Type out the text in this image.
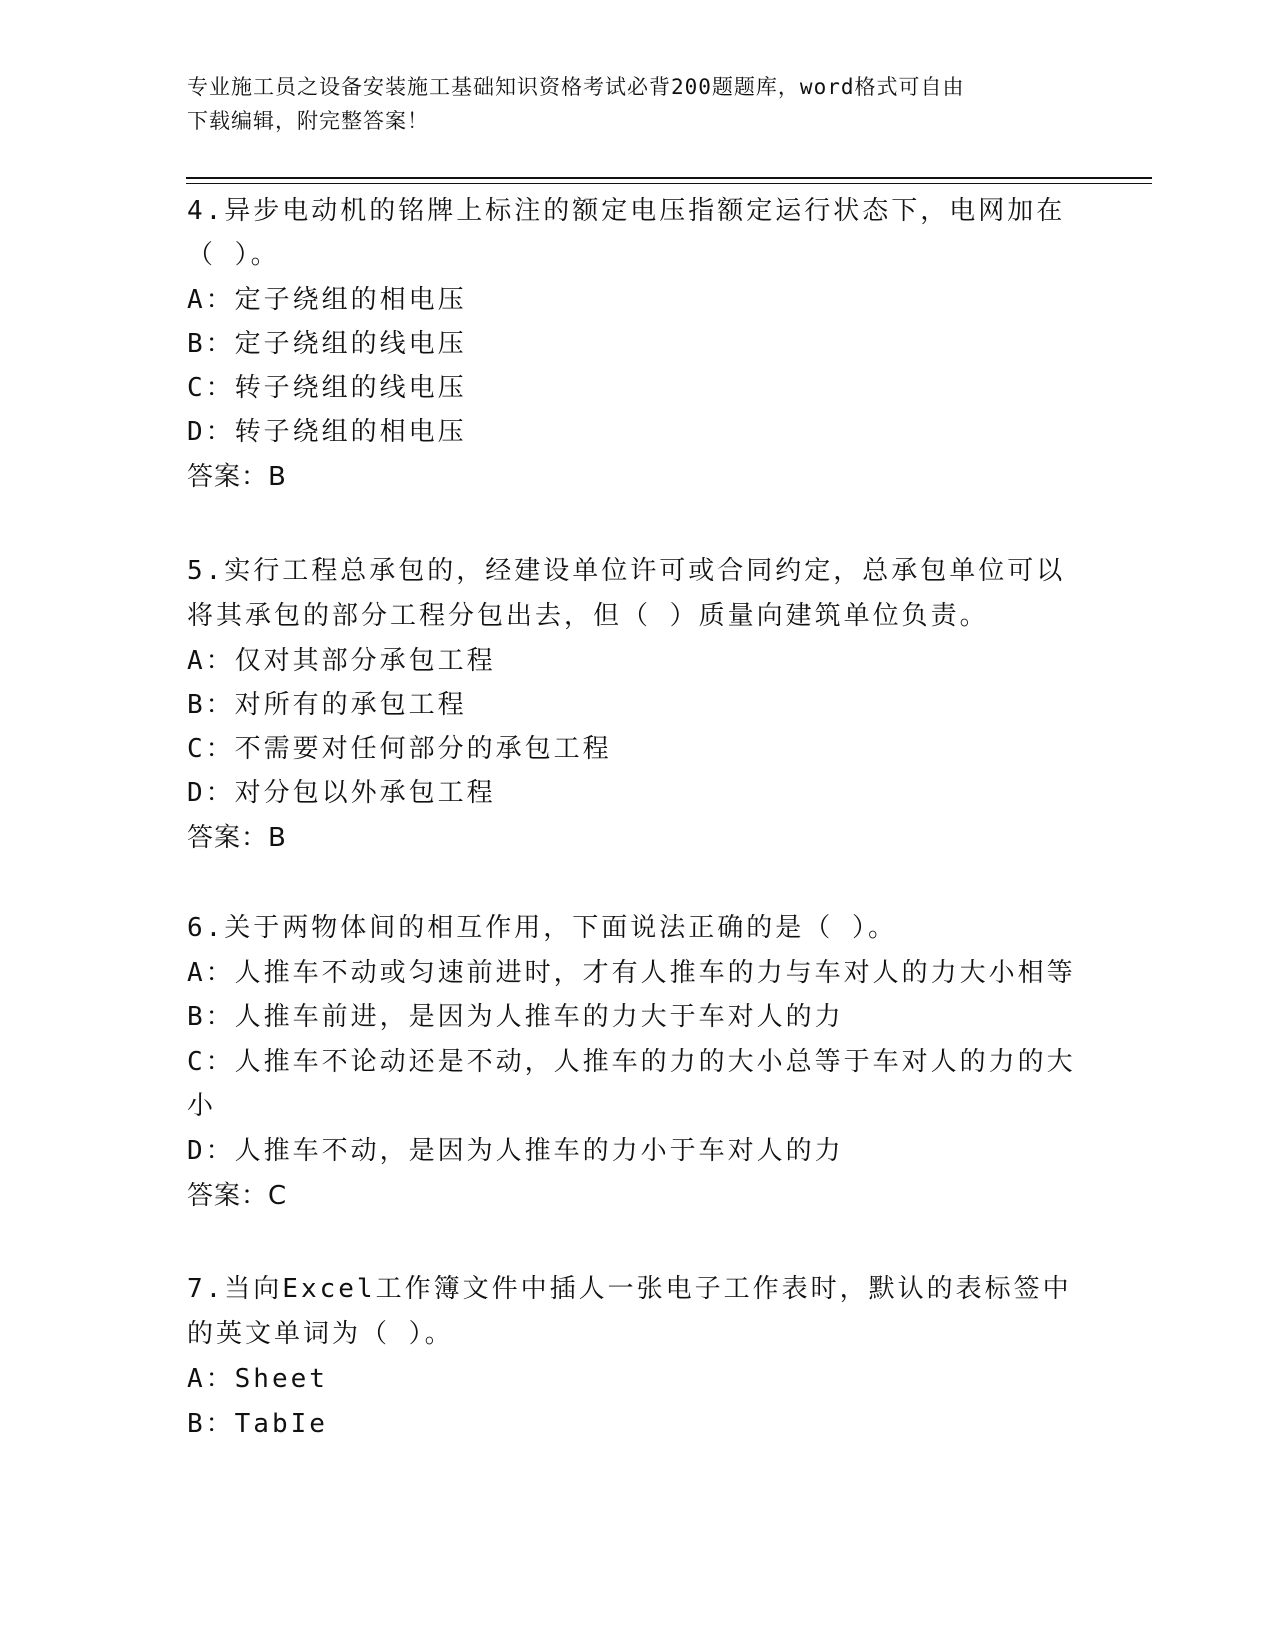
专业施工员之设备安装施工基础知识资格考试必背200题题库，word格式可自由
下载编辑，附完整答案！
4.异步电动机的铭牌上标注的额定电压指额定运行状态下，电网加在
（ ）。
A：定子绕组的相电压
B：定子绕组的线电压
C：转子绕组的线电压
D：转子绕组的相电压
答案：B
5.实行工程总承包的，经建设单位许可或合同约定，总承包单位可以
将其承包的部分工程分包出去，但（ ）质量向建筑单位负责。
A：仅对其部分承包工程
B：对所有的承包工程
C：不需要对任何部分的承包工程
D：对分包以外承包工程
答案：B
6.关于两物体间的相互作用，下面说法正确的是（ ）。
A：人推车不动或匀速前进时，才有人推车的力与车对人的力大小相等
B：人推车前进，是因为人推车的力大于车对人的力
C：人推车不论动还是不动，人推车的力的大小总等于车对人的力的大
小
D：人推车不动，是因为人推车的力小于车对人的力
答案：C
7.当向Excel工作簿文件中插人一张电子工作表时，默认的表标签中
的英文单词为（ ）。
A：Sheet
B：TabIe
